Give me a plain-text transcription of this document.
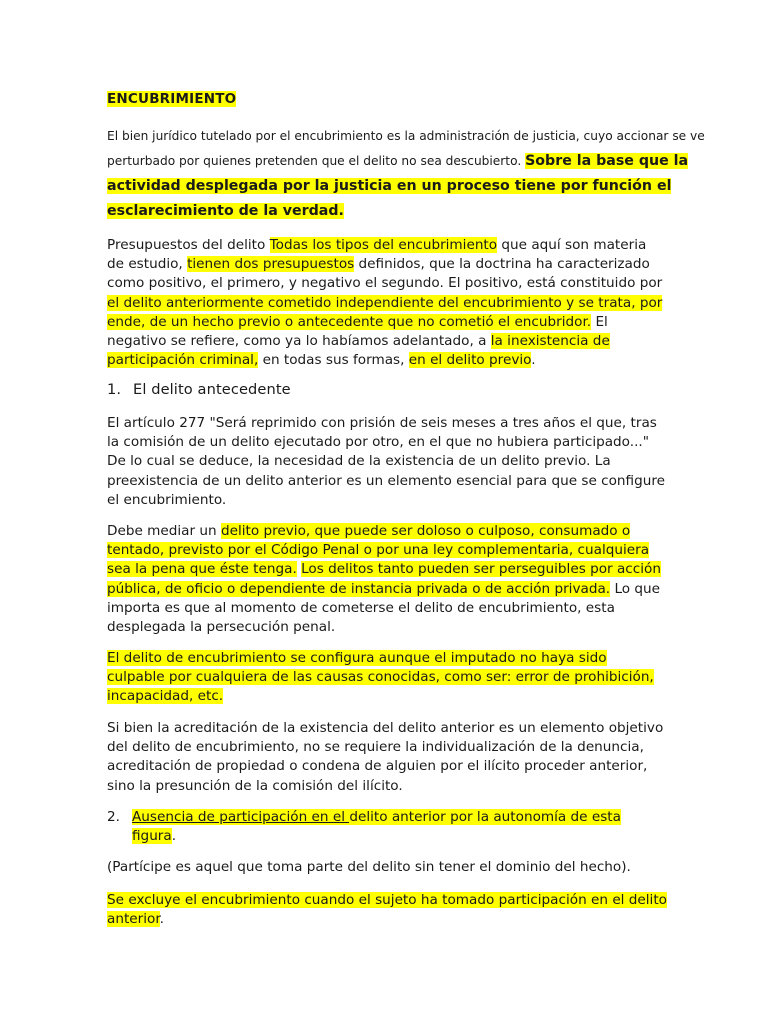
ENCUBRIMIENTO
El bien jurídico tutelado por el encubrimiento es la administración de justicia, cuyo accionar se ve perturbado por quienes pretenden que el delito no sea descubierto. Sobre la base que la actividad desplegada por la justicia en un proceso tiene por función el esclarecimiento de la verdad.
Presupuestos del delito Todas los tipos del encubrimiento que aquí son materia de estudio, tienen dos presupuestos definidos, que la doctrina ha caracterizado como positivo, el primero, y negativo el segundo. El positivo, está constituido por el delito anteriormente cometido independiente del encubrimiento y se trata, por ende, de un hecho previo o antecedente que no cometió el encubridor. El negativo se refiere, como ya lo habíamos adelantado, a la inexistencia de participación criminal, en todas sus formas, en el delito previo.
1. El delito antecedente
El artículo 277 "Será reprimido con prisión de seis meses a tres años el que, tras la comisión de un delito ejecutado por otro, en el que no hubiera participado..." De lo cual se deduce, la necesidad de la existencia de un delito previo. La preexistencia de un delito anterior es un elemento esencial para que se configure el encubrimiento.
Debe mediar un delito previo, que puede ser doloso o culposo, consumado o tentado, previsto por el Código Penal o por una ley complementaria, cualquiera sea la pena que éste tenga. Los delitos tanto pueden ser perseguibles por acción pública, de oficio o dependiente de instancia privada o de acción privada. Lo que importa es que al momento de cometerse el delito de encubrimiento, esta desplegada la persecución penal.
El delito de encubrimiento se configura aunque el imputado no haya sido culpable por cualquiera de las causas conocidas, como ser: error de prohibición, incapacidad, etc.
Si bien la acreditación de la existencia del delito anterior es un elemento objetivo del delito de encubrimiento, no se requiere la individualización de la denuncia, acreditación de propiedad o condena de alguien por el ilícito proceder anterior, sino la presunción de la comisión del ilícito.
2. Ausencia de participación en el delito anterior por la autonomía de esta figura.
(Partícipe es aquel que toma parte del delito sin tener el dominio del hecho).
Se excluye el encubrimiento cuando el sujeto ha tomado participación en el delito anterior.
